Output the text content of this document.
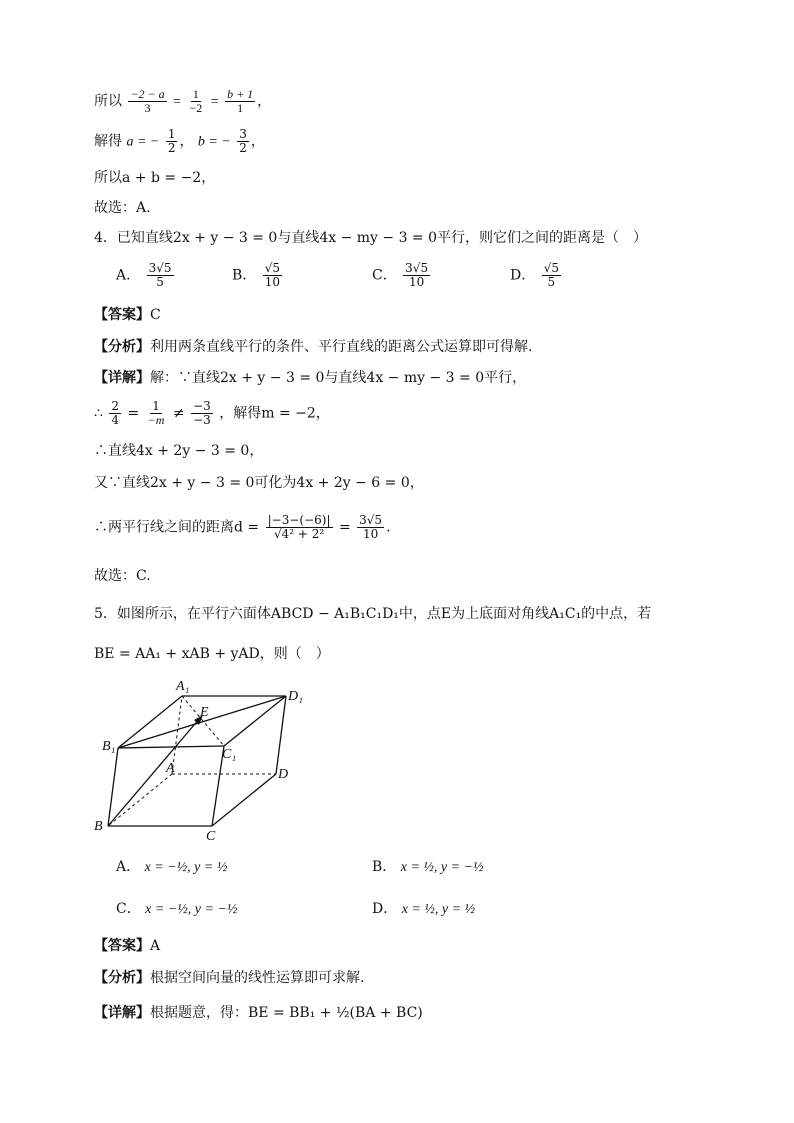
所以 $\frac{-2 - a}{3} = \frac{1}{-2} = \frac{b + 1}{1}$ ，
解得 a = − $\frac{1}{2}$ ， b = − $\frac{3}{2}$ ，
所以a + b = −2，
故选：A.
4．已知直线2x + y − 3 = 0与直线4x − my − 3 = 0平行，则它们之间的距离是（　）
A． $\frac{3√5}{5}$	B． $\frac{√5}{10}$	C． $\frac{3√5}{10}$	D． $\frac{√5}{5}$
【答案】C
【分析】利用两条直线平行的条件、平行直线的距离公式运算即可得解.
【详解】解：∵直线2x + y − 3 = 0与直线4x − my − 3 = 0平行，
∴ $\frac{2}{4} = \frac{1}{-m} \ne \frac{-3}{-3}$ ，解得m = −2，
∴直线4x + 2y − 3 = 0，
又∵直线2x + y − 3 = 0可化为4x + 2y − 6 = 0，
∴两平行线之间的距离$d = \frac{|-3-(-6)|}{\text{√4² + 2²}} = \frac{3√5}{10}$ .
故选：C.
5．如图所示，在平行六面体ABCD − A₁B₁C₁D₁中，点E为上底面对角线A₁C₁的中点，若
BE = AA₁ + xAB + yAD，则（　）
A₁
D₁
E
B₁
C₁
A	D
B
C
A． x = −½, y = ½	B． x = ½, y = −½
C． x = −½, y = −½	D． x = ½, y = ½
【答案】A
【分析】根据空间向量的线性运算即可求解.
【详解】根据题意，得：BE = BB₁ + ½(BA + BC)
